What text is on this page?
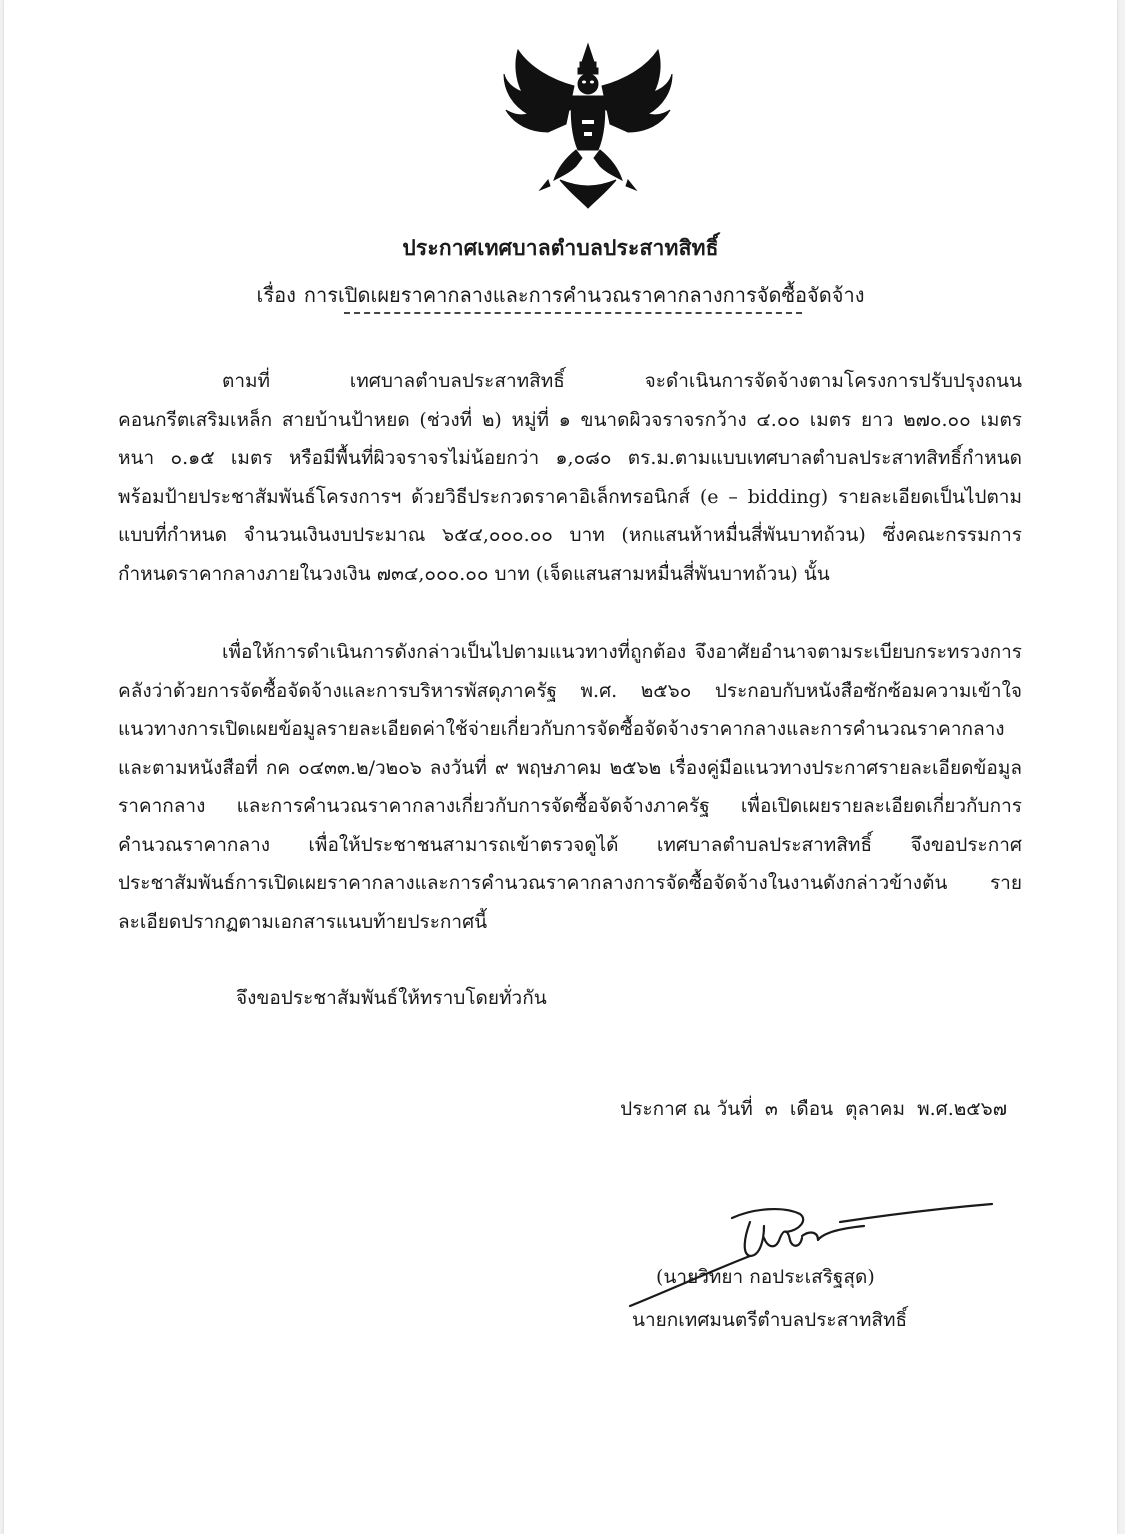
ประกาศเทศบาลตำบลประสาทสิทธิ์
เรื่อง การเปิดเผยราคากลางและการคำนวณราคากลางการจัดซื้อจัดจ้าง

ตามที่ เทศบาลตำบลประสาทสิทธิ์ จะดำเนินการจัดจ้างตามโครงการปรับปรุงถนนคอนกรีตเสริมเหล็ก สายบ้านป้าหยด (ช่วงที่ ๒) หมู่ที่ ๑ ขนาดผิวจราจรกว้าง ๔.๐๐ เมตร ยาว ๒๗๐.๐๐ เมตร หนา ๐.๑๕ เมตร หรือมีพื้นที่ผิวจราจรไม่น้อยกว่า ๑,๐๘๐ ตร.ม.ตามแบบเทศบาลตำบลประสาทสิทธิ์กำหนด พร้อมป้ายประชาสัมพันธ์โครงการฯ ด้วยวิธีประกวดราคาอิเล็กทรอนิกส์ (e – bidding) รายละเอียดเป็นไปตามแบบที่กำหนด จำนวนเงินงบประมาณ ๖๕๔,๐๐๐.๐๐ บาท (หกแสนห้าหมื่นสี่พันบาทถ้วน) ซึ่งคณะกรรมการกำหนดราคากลางภายในวงเงิน ๗๓๔,๐๐๐.๐๐ บาท (เจ็ดแสนสามหมื่นสี่พันบาทถ้วน) นั้น

เพื่อให้การดำเนินการดังกล่าวเป็นไปตามแนวทางที่ถูกต้อง จึงอาศัยอำนาจตามระเบียบกระทรวงการคลังว่าด้วยการจัดซื้อจัดจ้างและการบริหารพัสดุภาครัฐ พ.ศ. ๒๕๖๐ ประกอบกับหนังสือซักซ้อมความเข้าใจแนวทางการเปิดเผยข้อมูลรายละเอียดค่าใช้จ่ายเกี่ยวกับการจัดซื้อจัดจ้างราคากลางและการคำนวณราคากลาง และตามหนังสือที่ กค ๐๔๓๓.๒/ว๒๐๖ ลงวันที่ ๙ พฤษภาคม ๒๕๖๒ เรื่องคู่มือแนวทางประกาศรายละเอียดข้อมูลราคากลาง และการคำนวณราคากลางเกี่ยวกับการจัดซื้อจัดจ้างภาครัฐ เพื่อเปิดเผยรายละเอียดเกี่ยวกับการคำนวณราคากลาง เพื่อให้ประชาชนสามารถเข้าตรวจดูได้ เทศบาลตำบลประสาทสิทธิ์ จึงขอประกาศประชาสัมพันธ์การเปิดเผยราคากลางและการคำนวณราคากลางการจัดซื้อจัดจ้างในงานดังกล่าวข้างต้น รายละเอียดปรากฏตามเอกสารแนบท้ายประกาศนี้

จึงขอประชาสัมพันธ์ให้ทราบโดยทั่วกัน
ประกาศ ณ วันที่ ๓ เดือน ตุลาคม พ.ศ.๒๕๖๗
(นายวิทยา กอประเสริฐสุด)
นายกเทศมนตรีตำบลประสาทสิทธิ์
